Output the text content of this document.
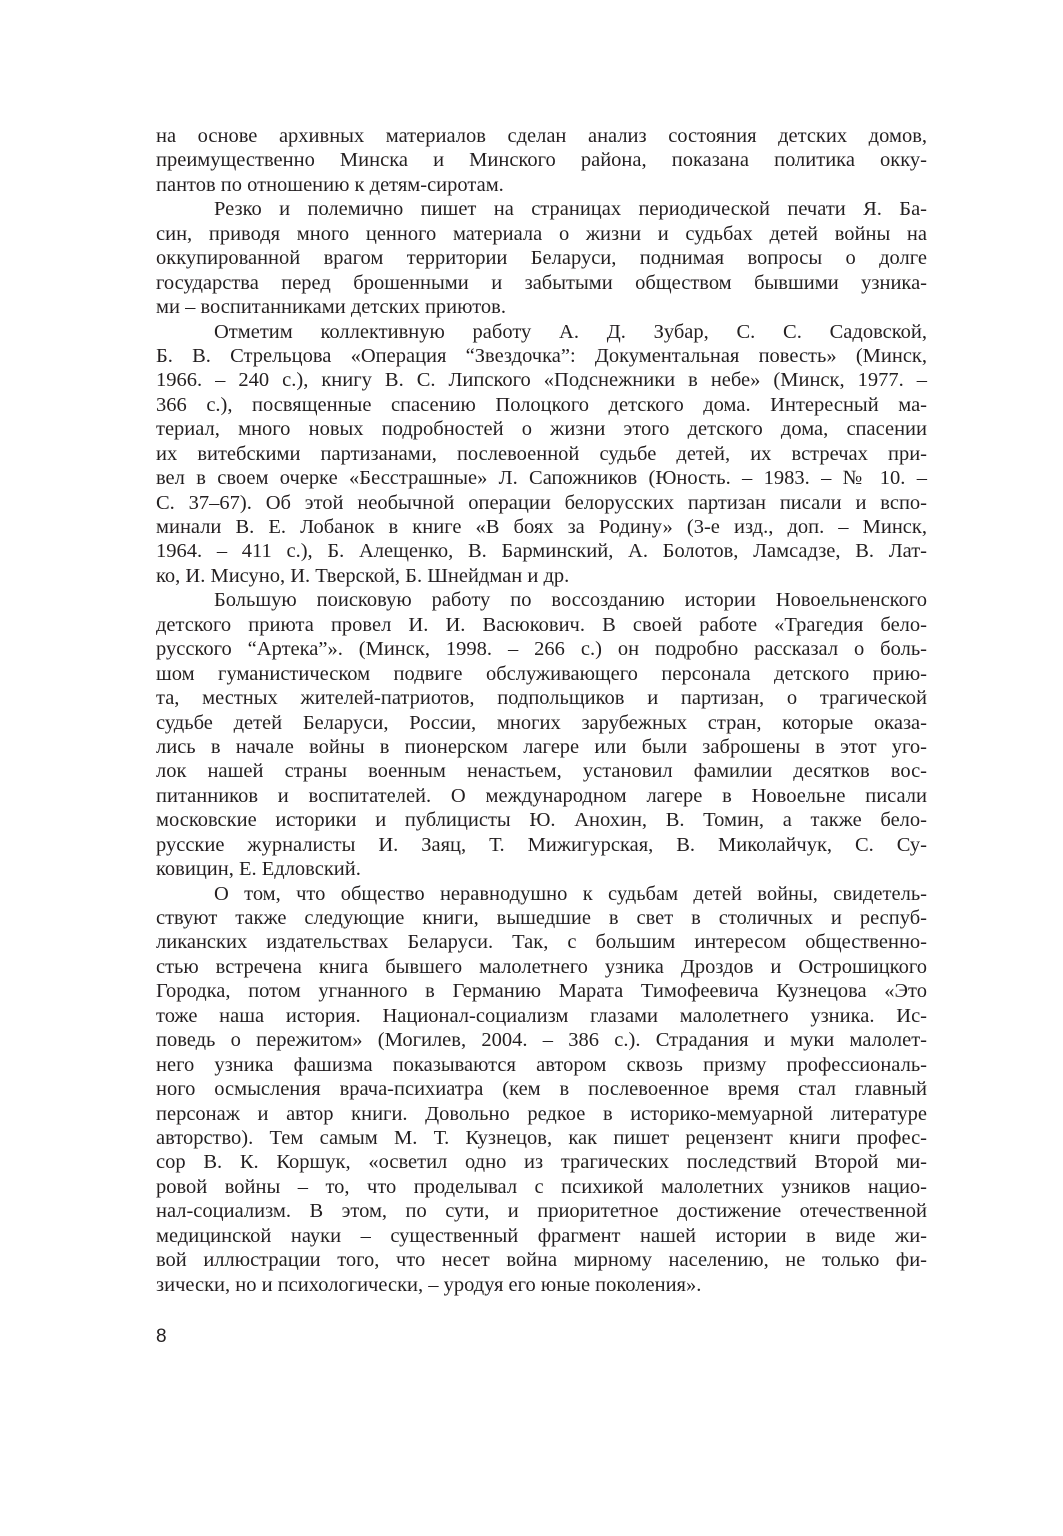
на основе архивных материалов сделан анализ состояния детских домов,
преимущественно Минска и Минского района, показана политика окку-
пантов по отношению к детям-сиротам.
Резко и полемично пишет на страницах периодической печати Я. Ба-
син, приводя много ценного материала о жизни и судьбах детей войны на
оккупированной врагом территории Беларуси, поднимая вопросы о долге
государства перед брошенными и забытыми обществом бывшими узника-
ми – воспитанниками детских приютов.
Отметим коллективную работу А. Д. Зубар, С. С. Садовской,
Б. В. Стрельцова «Операция “Звездочка”: Документальная повесть» (Минск,
1966. – 240 с.), книгу В. С. Липского «Подснежники в небе» (Минск, 1977. –
366 с.), посвященные спасению Полоцкого детского дома. Интересный ма-
териал, много новых подробностей о жизни этого детского дома, спасении
их витебскими партизанами, послевоенной судьбе детей, их встречах при-
вел в своем очерке «Бесстрашные» Л. Сапожников (Юность. – 1983. – № 10. –
С. 37–67). Об этой необычной операции белорусских партизан писали и вспо-
минали В. Е. Лобанок в книге «В боях за Родину» (3-е изд., доп. – Минск,
1964. – 411 с.), Б. Алещенко, В. Барминский, А. Болотов, Ламсадзе, В. Лат-
ко, И. Мисуно, И. Тверской, Б. Шнейдман и др.
Большую поисковую работу по воссозданию истории Новоельненского
детского приюта провел И. И. Васюкович. В своей работе «Трагедия бело-
русского “Артека”». (Минск, 1998. – 266 с.) он подробно рассказал о боль-
шом гуманистическом подвиге обслуживающего персонала детского прию-
та, местных жителей-патриотов, подпольщиков и партизан, о трагической
судьбе детей Беларуси, России, многих зарубежных стран, которые оказа-
лись в начале войны в пионерском лагере или были заброшены в этот уго-
лок нашей страны военным ненастьем, установил фамилии десятков вос-
питанников и воспитателей. О международном лагере в Новоельне писали
московские историки и публицисты Ю. Анохин, В. Томин, а также бело-
русские журналисты И. Заяц, Т. Мижигурская, В. Миколайчук, С. Су-
ковицин, Е. Едловский.
О том, что общество неравнодушно к судьбам детей войны, свидетель-
ствуют также следующие книги, вышедшие в свет в столичных и респуб-
ликанских издательствах Беларуси. Так, с большим интересом общественно-
стью встречена книга бывшего малолетнего узника Дроздов и Острошицкого
Городка, потом угнанного в Германию Марата Тимофеевича Кузнецова «Это
тоже наша история. Национал-социализм глазами малолетнего узника. Ис-
поведь о пережитом» (Могилев, 2004. – 386 с.). Страдания и муки малолет-
него узника фашизма показываются автором сквозь призму профессиональ-
ного осмысления врача-психиатра (кем в послевоенное время стал главный
персонаж и автор книги. Довольно редкое в историко-мемуарной литературе
авторство). Тем самым М. Т. Кузнецов, как пишет рецензент книги профес-
сор В. К. Коршук, «осветил одно из трагических последствий Второй ми-
ровой войны – то, что проделывал с психикой малолетних узников нацио-
нал-социализм. В этом, по сути, и приоритетное достижение отечественной
медицинской науки – существенный фрагмент нашей истории в виде жи-
вой иллюстрации того, что несет война мирному населению, не только фи-
зически, но и психологически, – уродуя его юные поколения».
8
